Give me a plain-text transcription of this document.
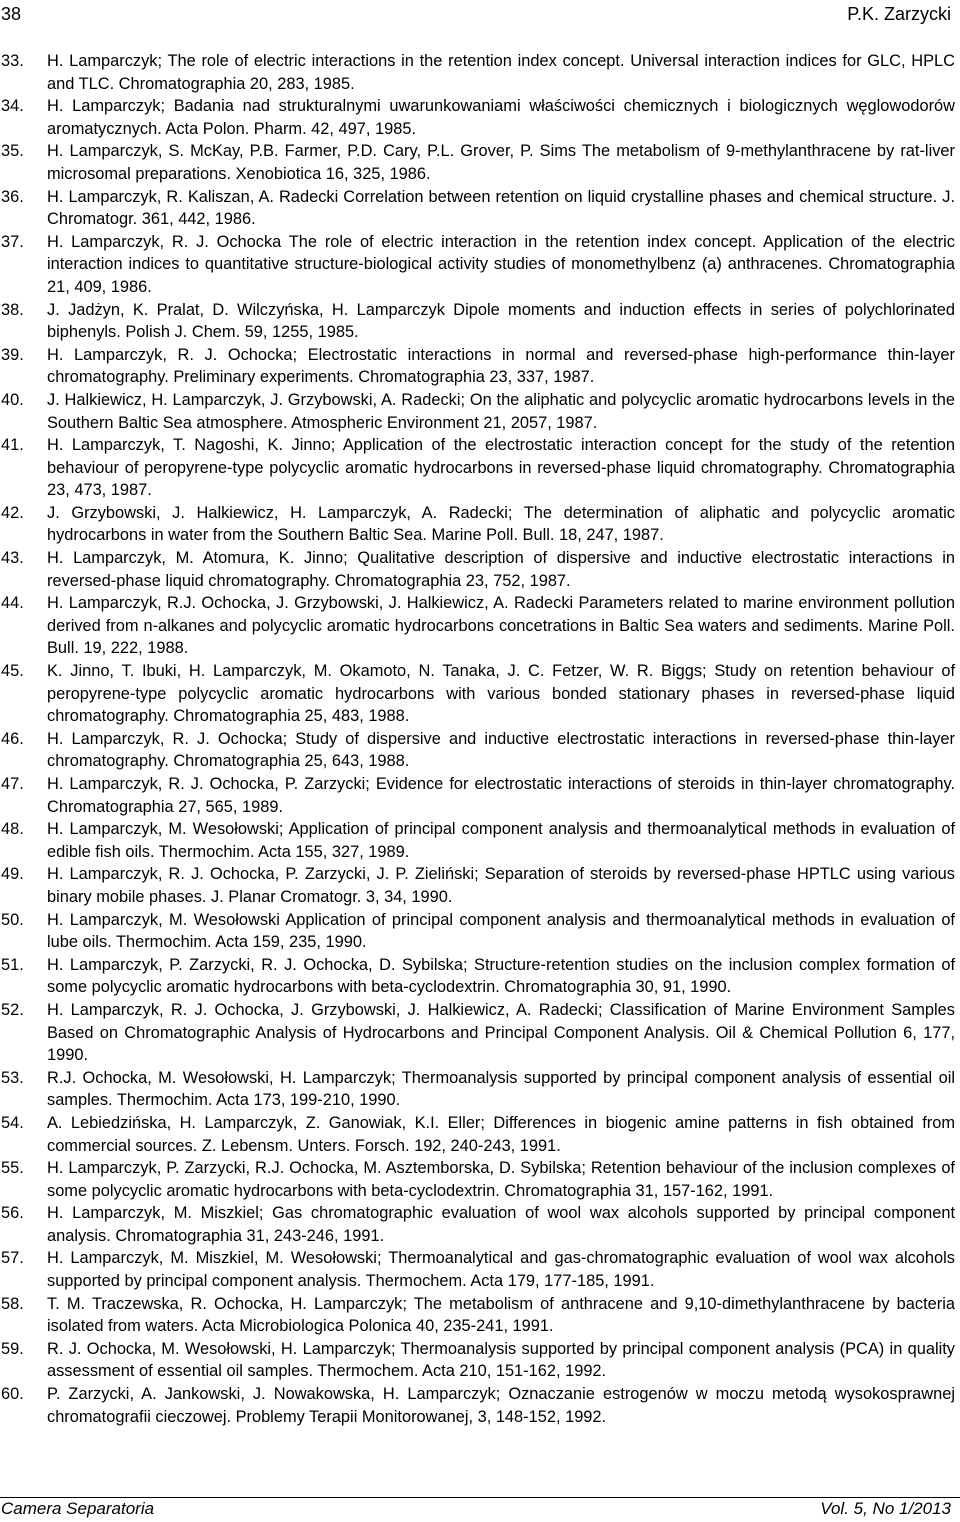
38	P.K. Zarzycki
33. H. Lamparczyk; The role of electric interactions in the retention index concept. Universal interaction indices for GLC, HPLC and TLC. Chromatographia 20, 283, 1985.
34. H. Lamparczyk; Badania nad strukturalnymi uwarunkowaniami właściwości chemicznych i biologicznych węglowodorów aromatycznych. Acta Polon. Pharm. 42, 497, 1985.
35. H. Lamparczyk, S. McKay, P.B. Farmer, P.D. Cary, P.L. Grover, P. Sims The metabolism of 9-methylanthracene by rat-liver microsomal preparations. Xenobiotica 16, 325, 1986.
36. H. Lamparczyk, R. Kaliszan, A. Radecki Correlation between retention on liquid crystalline phases and chemical structure. J. Chromatogr. 361, 442, 1986.
37. H. Lamparczyk, R. J. Ochocka The role of electric interaction in the retention index concept. Application of the electric interaction indices to quantitative structure-biological activity studies of monomethylbenz (a) anthracenes. Chromatographia 21, 409, 1986.
38. J. Jadżyn, K. Pralat, D. Wilczyńska, H. Lamparczyk Dipole moments and induction effects in series of polychlorinated biphenyls. Polish J. Chem. 59, 1255, 1985.
39. H. Lamparczyk, R. J. Ochocka; Electrostatic interactions in normal and reversed-phase high-performance thin-layer chromatography. Preliminary experiments. Chromatographia 23, 337, 1987.
40. J. Halkiewicz, H. Lamparczyk, J. Grzybowski, A. Radecki; On the aliphatic and polycyclic aromatic hydrocarbons levels in the Southern Baltic Sea atmosphere. Atmospheric Environment 21, 2057, 1987.
41. H. Lamparczyk, T. Nagoshi, K. Jinno; Application of the electrostatic interaction concept for the study of the retention behaviour of peropyrene-type polycyclic aromatic hydrocarbons in reversed-phase liquid chromatography. Chromatographia 23, 473, 1987.
42. J. Grzybowski, J. Halkiewicz, H. Lamparczyk, A. Radecki; The determination of aliphatic and polycyclic aromatic hydrocarbons in water from the Southern Baltic Sea. Marine Poll. Bull. 18, 247, 1987.
43. H. Lamparczyk, M. Atomura, K. Jinno; Qualitative description of dispersive and inductive electrostatic interactions in reversed-phase liquid chromatography. Chromatographia 23, 752, 1987.
44. H. Lamparczyk, R.J. Ochocka, J. Grzybowski, J. Halkiewicz, A. Radecki Parameters related to marine environment pollution derived from n-alkanes and polycyclic aromatic hydrocarbons concetrations in Baltic Sea waters and sediments. Marine Poll. Bull. 19, 222, 1988.
45. K. Jinno, T. Ibuki, H. Lamparczyk, M. Okamoto, N. Tanaka, J. C. Fetzer, W. R. Biggs; Study on retention behaviour of peropyrene-type polycyclic aromatic hydrocarbons with various bonded stationary phases in reversed-phase liquid chromatography. Chromatographia 25, 483, 1988.
46. H. Lamparczyk, R. J. Ochocka; Study of dispersive and inductive electrostatic interactions in reversed-phase thin-layer chromatography. Chromatographia 25, 643, 1988.
47. H. Lamparczyk, R. J. Ochocka, P. Zarzycki; Evidence for electrostatic interactions of steroids in thin-layer chromatography. Chromatographia 27, 565, 1989.
48. H. Lamparczyk, M. Wesołowski; Application of principal component analysis and thermoanalytical methods in evaluation of edible fish oils. Thermochim. Acta 155, 327, 1989.
49. H. Lamparczyk, R. J. Ochocka, P. Zarzycki, J. P. Zieliński; Separation of steroids by reversed-phase HPTLC using various binary mobile phases. J. Planar Cromatogr. 3, 34, 1990.
50. H. Lamparczyk, M. Wesołowski Application of principal component analysis and thermoanalytical methods in evaluation of lube oils. Thermochim. Acta 159, 235, 1990.
51. H. Lamparczyk, P. Zarzycki, R. J. Ochocka, D. Sybilska; Structure-retention studies on the inclusion complex formation of some polycyclic aromatic hydrocarbons with beta-cyclodextrin. Chromatographia 30, 91, 1990.
52. H. Lamparczyk, R. J. Ochocka, J. Grzybowski, J. Halkiewicz, A. Radecki; Classification of Marine Environment Samples Based on Chromatographic Analysis of Hydrocarbons and Principal Component Analysis. Oil & Chemical Pollution 6, 177, 1990.
53. R.J. Ochocka, M. Wesołowski, H. Lamparczyk; Thermoanalysis supported by principal component analysis of essential oil samples. Thermochim. Acta 173, 199-210, 1990.
54. A. Lebiedzińska, H. Lamparczyk, Z. Ganowiak, K.I. Eller; Differences in biogenic amine patterns in fish obtained from commercial sources. Z. Lebensm. Unters. Forsch. 192, 240-243, 1991.
55. H. Lamparczyk, P. Zarzycki, R.J. Ochocka, M. Asztemborska, D. Sybilska; Retention behaviour of the inclusion complexes of some polycyclic aromatic hydrocarbons with beta-cyclodextrin. Chromatographia 31, 157-162, 1991.
56. H. Lamparczyk, M. Miszkiel; Gas chromatographic evaluation of wool wax alcohols supported by principal component analysis. Chromatographia 31, 243-246, 1991.
57. H. Lamparczyk, M. Miszkiel, M. Wesołowski; Thermoanalytical and gas-chromatographic evaluation of wool wax alcohols supported by principal component analysis. Thermochem. Acta 179, 177-185, 1991.
58. T. M. Traczewska, R. Ochocka, H. Lamparczyk; The metabolism of anthracene and 9,10-dimethylanthracene by bacteria isolated from waters. Acta Microbiologica Polonica 40, 235-241, 1991.
59. R. J. Ochocka, M. Wesołowski, H. Lamparczyk; Thermoanalysis supported by principal component analysis (PCA) in quality assessment of essential oil samples. Thermochem. Acta 210, 151-162, 1992.
60. P. Zarzycki, A. Jankowski, J. Nowakowska, H. Lamparczyk; Oznaczanie estrogenów w moczu metodą wysokosprawnej chromatografii cieczowej. Problemy Terapii Monitorowanej, 3, 148-152, 1992.
Camera Separatoria	Vol. 5, No 1/2013
